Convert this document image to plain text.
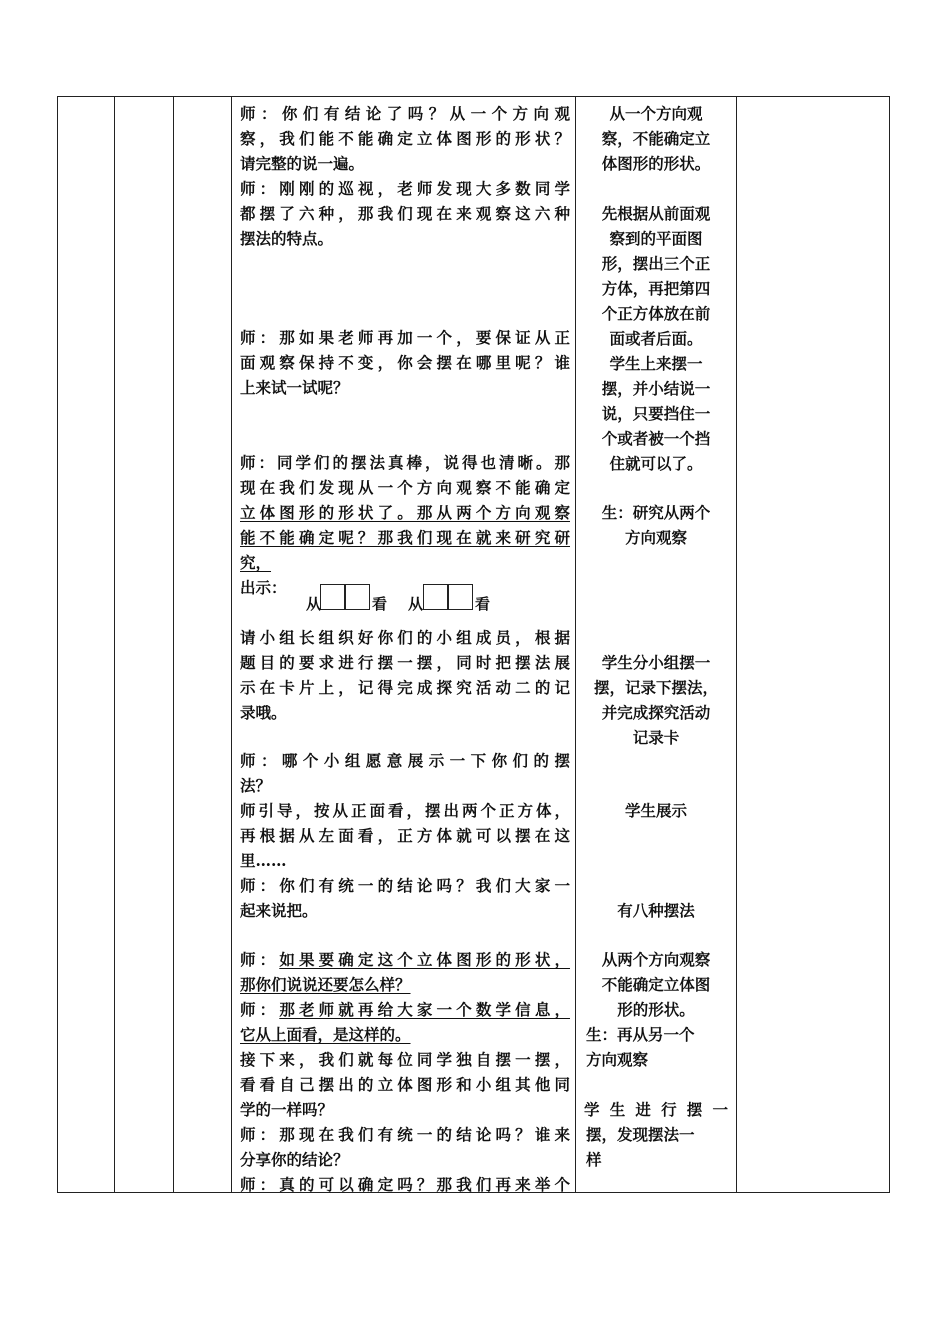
师：你们有结论了吗？从一个方向观
察，我们能不能确定立体图形的形状？
请完整的说一遍。
师：刚刚的巡视，老师发现大多数同学
都摆了六种，那我们现在来观察这六种
摆法的特点。
师：那如果老师再加一个，要保证从正
面观察保持不变，你会摆在哪里呢？谁
上来试一试呢？
师：同学们的摆法真棒，说得也清晰。那
现在我们发现从一个方向观察不能确定
立体图形的形状了。那从两个方向观察
能不能确定呢？那我们现在就来研究研
究，
出示：
请小组长组织好你们的小组成员，根据
题目的要求进行摆一摆，同时把摆法展
示在卡片上，记得完成探究活动二的记
录哦。
师：哪个小组愿意展示一下你们的摆
法？
师引导，按从正面看，摆出两个正方体，
再根据从左面看，正方体就可以摆在这
里……
师：你们有统一的结论吗？我们大家一
起来说把。
师：如果要确定这个立体图形的形状，
那你们说说还要怎么样？
师：那老师就再给大家一个数学信息，
它从上面看，是这样的。
接下来，我们就每位同学独自摆一摆，
看看自己摆出的立体图形和小组其他同
学的一样吗？
师：那现在我们有统一的结论吗？谁来
分享你的结论？
师：真的可以确定吗？那我们再来举个
从一个方向观
察，不能确定立
体图形的形状。
先根据从前面观
察到的平面图
形，摆出三个正
方体，再把第四
个正方体放在前
面或者后面。
学生上来摆一
摆，并小结说一
说，只要挡住一
个或者被一个挡
住就可以了。
生：研究从两个
方向观察
学生分小组摆一
摆，记录下摆法，
并完成探究活动
记录卡
学生展示
有八种摆法
从两个方向观察
不能确定立体图
形的形状。
生：再从另一个
方向观察
学生进行摆一
摆，发现摆法一
样
从	看 从	看
